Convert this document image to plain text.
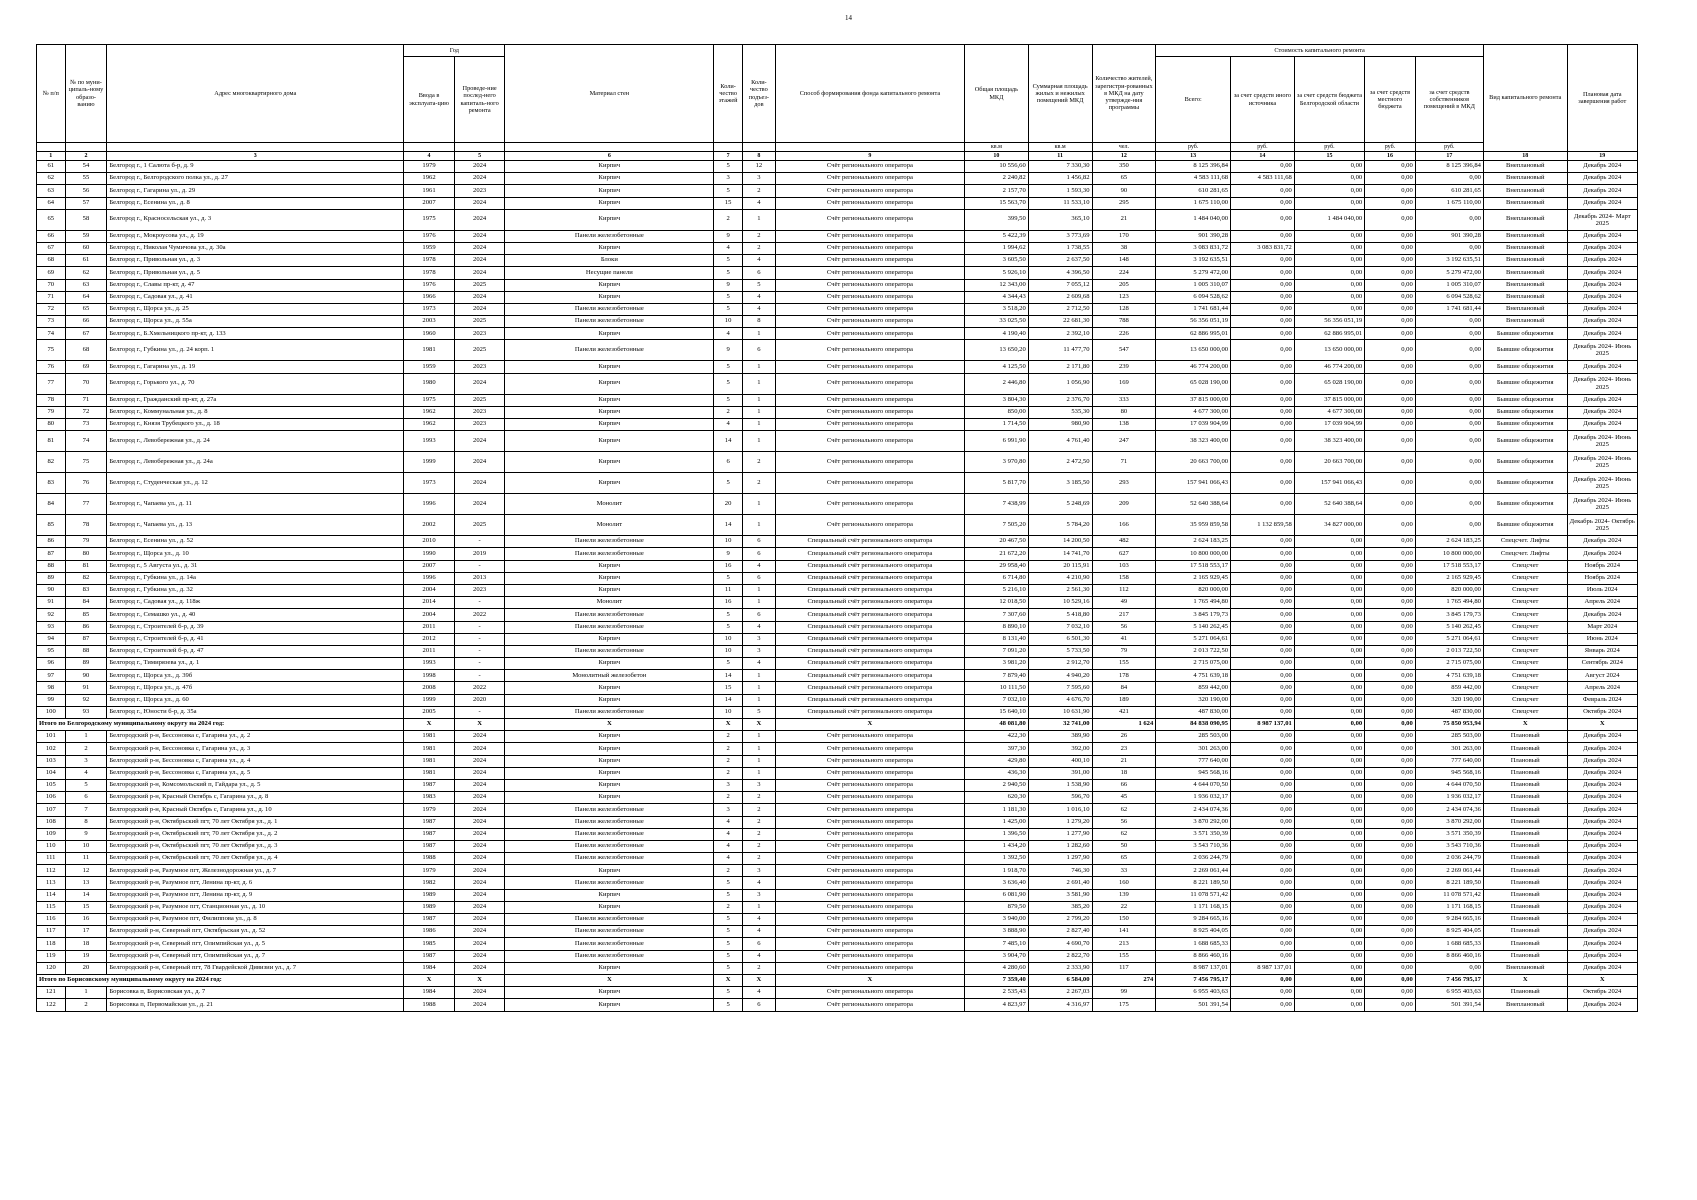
14
№ п/п	№ по муни-ципаль-ному образо-ванию	Адрес многоквартирного дома	Год		Материал стен	Коли-чество этажей	Коли-чество подъез-дов	Способ формирования фонда капитального ремонта	Общая площадь МКД	Суммарная площадь жилых и нежилых помещений МКД	Количество жителей, зарегистри-рованных в МКД на дату утвержде-ния программы	Стоимость капитального ремонта					Вид капитального ремонта	Плановая дата завершения работ
			Ввода в эксплуата-цию	Проведе-ние послед-него капиталь-ного ремонта								Всего:	за счет средств иного источника	за счет средств бюджета Белгородской области	за счет средств местного бюджета	за счет средств собственников помещений в МКД		
									кв.м	кв.м	чел.	руб.	руб.	руб.	руб.	руб.		
1	2	3	4	5	6	7	8	9	10	11	12	13	14	15	16	17	18	19
61	54	Белгород г., 1 Салюта б-р, д. 9	1979	2024	Кирпич	5	12	Счёт регионального оператора	10 556,60	7 330,30	350	8 125 396,84	0,00	0,00	0,00	8 125 396,84	Внеплановый	Декабрь 2024
62	55	Белгород г., Белгородского полка ул., д. 27	1962	2024	Кирпич	3	3	Счёт регионального оператора	2 240,82	1 456,82	65	4 583 111,68	4 583 111,68	0,00	0,00	0,00	Внеплановый	Декабрь 2024
63	56	Белгород г., Гагарина ул., д. 29	1961	2023	Кирпич	5	2	Счёт регионального оператора	2 157,70	1 593,30	90	610 281,65	0,00	0,00	0,00	610 281,65	Внеплановый	Декабрь 2024
64	57	Белгород г., Есенина ул., д. 8	2007	2024	Кирпич	15	4	Счёт регионального оператора	15 563,70	11 533,10	295	1 675 110,00	0,00	0,00	0,00	1 675 110,00	Внеплановый	Декабрь 2024
65	58	Белгород г., Красносельская ул., д. 3	1975	2024	Кирпич	2	1	Счёт регионального оператора	399,50	365,10	21	1 484 040,00	0,00	1 484 040,00	0,00	0,00	Внеплановый	Декабрь 2024- Март 2025
66	59	Белгород г., Мокроусова ул., д. 19	1976	2024	Панели железобетонные	9	2	Счёт регионального оператора	5 422,39	3 773,69	170	901 390,28	0,00	0,00	0,00	901 390,28	Внеплановый	Декабрь 2024
67	60	Белгород г., Николая Чумичова ул., д. 30а	1959	2024	Кирпич	4	2	Счёт регионального оператора	1 994,62	1 738,55	38	3 083 831,72	3 083 831,72	0,00	0,00	0,00	Внеплановый	Декабрь 2024
68	61	Белгород г., Привольная ул., д. 3	1978	2024	Блоки	5	4	Счёт регионального оператора	3 605,50	2 637,50	148	3 192 635,51	0,00	0,00	0,00	3 192 635,51	Внеплановый	Декабрь 2024
69	62	Белгород г., Привольная ул., д. 5	1978	2024	Несущие панели	5	6	Счёт регионального оператора	5 926,10	4 396,50	224	5 279 472,00	0,00	0,00	0,00	5 279 472,00	Внеплановый	Декабрь 2024
70	63	Белгород г., Славы пр-кт, д. 47	1976	2025	Кирпич	9	5	Счёт регионального оператора	12 343,00	7 055,12	205	1 005 310,07	0,00	0,00	0,00	1 005 310,07	Внеплановый	Декабрь 2024
71	64	Белгород г., Садовая ул., д. 41	1966	2024	Кирпич	5	4	Счёт регионального оператора	4 344,43	2 609,68	123	6 094 528,62	0,00	0,00	0,00	6 094 528,62	Внеплановый	Декабрь 2024
72	65	Белгород г., Щорса ул., д. 25	1973	2024	Панели железобетонные	5	4	Счёт регионального оператора	3 518,20	2 712,50	128	1 741 681,44	0,00	0,00	0,00	1 741 681,44	Внеплановый	Декабрь 2024
73	66	Белгород г., Щорса ул., д. 55а	2003	2025	Панели железобетонные	10	8	Счёт регионального оператора	33 025,50	22 681,30	788	56 356 051,19	0,00	56 356 051,19	0,00	0,00	Внеплановый	Декабрь 2024
74	67	Белгород г., Б.Хмельницкого пр-кт, д. 133	1960	2023	Кирпич	4	1	Счёт регионального оператора	4 190,40	2 392,10	226	62 886 995,01	0,00	62 886 995,01	0,00	0,00	Бывшие общежития	Декабрь 2024
75	68	Белгород г., Губкина ул., д. 24 корп. 1	1981	2025	Панели железобетонные	9	6	Счёт регионального оператора	13 650,20	11 477,70	547	13 650 000,00	0,00	13 650 000,00	0,00	0,00	Бывшие общежития	Декабрь 2024- Июнь 2025
76	69	Белгород г., Гагарина ул., д. 19	1959	2023	Кирпич	5	1	Счёт регионального оператора	4 125,50	2 171,80	239	46 774 200,00	0,00	46 774 200,00	0,00	0,00	Бывшие общежития	Декабрь 2024
77	70	Белгород г., Горького ул., д. 70	1980	2024	Кирпич	5	1	Счёт регионального оператора	2 446,80	1 056,90	169	65 028 190,00	0,00	65 028 190,00	0,00	0,00	Бывшие общежития	Декабрь 2024- Июнь 2025
78	71	Белгород г., Гражданский пр-кт, д. 27а	1975	2025	Кирпич	5	1	Счёт регионального оператора	3 804,30	2 376,70	333	37 815 000,00	0,00	37 815 000,00	0,00	0,00	Бывшие общежития	Декабрь 2024
79	72	Белгород г., Коммунальная ул., д. 8	1962	2023	Кирпич	2	1	Счёт регионального оператора	850,00	535,30	80	4 677 300,00	0,00	4 677 300,00	0,00	0,00	Бывшие общежития	Декабрь 2024
80	73	Белгород г., Князя Трубецкого ул., д. 18	1962	2023	Кирпич	4	1	Счёт регионального оператора	1 714,50	980,90	138	17 039 904,99	0,00	17 039 904,99	0,00	0,00	Бывшие общежития	Декабрь 2024
81	74	Белгород г., Левобережная ул., д. 24	1993	2024	Кирпич	14	1	Счёт регионального оператора	6 991,90	4 761,40	247	38 323 400,00	0,00	38 323 400,00	0,00	0,00	Бывшие общежития	Декабрь 2024- Июнь 2025
82	75	Белгород г., Левобережная ул., д. 24а	1999	2024	Кирпич	6	2	Счёт регионального оператора	3 970,80	2 472,50	71	20 663 700,00	0,00	20 663 700,00	0,00	0,00	Бывшие общежития	Декабрь 2024- Июнь 2025
83	76	Белгород г., Студенческая ул., д. 12	1973	2024	Кирпич	5	2	Счёт регионального оператора	5 817,70	3 185,50	293	157 941 066,43	0,00	157 941 066,43	0,00	0,00	Бывшие общежития	Декабрь 2024- Июнь 2025
84	77	Белгород г., Чапаева ул., д. 11	1996	2024	Монолит	20	1	Счёт регионального оператора	7 438,99	5 248,69	209	52 640 388,64	0,00	52 640 388,64	0,00	0,00	Бывшие общежития	Декабрь 2024- Июнь 2025
85	78	Белгород г., Чапаева ул., д. 13	2002	2025	Монолит	14	1	Счёт регионального оператора	7 505,20	5 784,20	166	35 959 859,58	1 132 859,58	34 827 000,00	0,00	0,00	Бывшие общежития	Декабрь 2024- Октябрь 2025
86	79	Белгород г., Есенина ул., д. 52	2010	-	Панели железобетонные	10	6	Специальный счёт регионального оператора	20 467,50	14 200,50	482	2 624 183,25	0,00	0,00	0,00	2 624 183,25	Спецсчет. Лифты	Декабрь 2024
87	80	Белгород г., Щорса ул., д. 10	1990	2019	Панели железобетонные	9	6	Специальный счёт регионального оператора	21 672,20	14 741,70	627	10 800 000,00	0,00	0,00	0,00	10 800 000,00	Спецсчет. Лифты	Декабрь 2024
88	81	Белгород г., 5 Августа ул., д. 31	2007	-	Кирпич	16	4	Специальный счёт регионального оператора	29 958,40	20 115,91	103	17 518 553,17	0,00	0,00	0,00	17 518 553,17	Спецсчет	Ноябрь 2024
89	82	Белгород г., Губкина ул., д. 14а	1996	2013	Кирпич	5	6	Специальный счёт регионального оператора	6 714,80	4 210,90	158	2 165 929,45	0,00	0,00	0,00	2 165 929,45	Спецсчет	Ноябрь 2024
90	83	Белгород г., Губкина ул., д. 32	2004	2023	Кирпич	11	1	Специальный счёт регионального оператора	5 216,10	2 561,30	112	820 000,00	0,00	0,00	0,00	820 000,00	Спецсчет	Июль 2024
91	84	Белгород г., Садовая ул., д. 118ж	2014	-	Монолит	16	1	Специальный счёт регионального оператора	12 018,50	10 529,16	49	1 765 494,80	0,00	0,00	0,00	1 765 494,80	Спецсчет	Апрель 2024
92	85	Белгород г., Семашко ул., д. 40	2004	2022	Панели железобетонные	5	6	Специальный счёт регионального оператора	7 307,60	5 418,80	217	3 845 179,73	0,00	0,00	0,00	3 845 179,73	Спецсчет	Декабрь 2024
93	86	Белгород г., Строителей б-р, д. 39	2011	-	Панели железобетонные	5	4	Специальный счёт регионального оператора	8 890,10	7 032,10	56	5 140 262,45	0,00	0,00	0,00	5 140 262,45	Спецсчет	Март 2024
94	87	Белгород г., Строителей б-р, д. 41	2012	-	Кирпич	10	3	Специальный счёт регионального оператора	8 131,40	6 501,30	41	5 271 064,61	0,00	0,00	0,00	5 271 064,61	Спецсчет	Июнь 2024
95	88	Белгород г., Строителей б-р, д. 47	2011	-	Панели железобетонные	10	3	Специальный счёт регионального оператора	7 091,20	5 733,50	79	2 013 722,50	0,00	0,00	0,00	2 013 722,50	Спецсчет	Январь 2024
96	89	Белгород г., Тимирязева ул., д. 1	1993	-	Кирпич	5	4	Специальный счёт регионального оператора	3 981,20	2 912,70	155	2 715 075,00	0,00	0,00	0,00	2 715 075,00	Спецсчет	Сентябрь 2024
97	90	Белгород г., Щорса ул., д. 39б	1998	-	Монолитный железобетон	14	1	Специальный счёт регионального оператора	7 879,40	4 940,20	178	4 751 639,18	0,00	0,00	0,00	4 751 639,18	Спецсчет	Август 2024
98	91	Белгород г., Щорса ул., д. 47б	2008	2022	Кирпич	15	1	Специальный счёт регионального оператора	10 111,50	7 595,60	84	859 442,00	0,00	0,00	0,00	859 442,00	Спецсчет	Апрель 2024
99	92	Белгород г., Щорса ул., д. 60	1999	2020	Кирпич	14	1	Специальный счёт регионального оператора	7 032,10	4 676,70	189	320 190,00	0,00	0,00	0,00	320 190,00	Спецсчет	Февраль 2024
100	93	Белгород г., Юности б-р, д. 35а	2005	-	Панели железобетонные	10	5	Специальный счёт регионального оператора	15 640,10	10 631,90	421	487 830,00	0,00	0,00	0,00	487 830,00	Спецсчет	Октябрь 2024
Итого по Белгородскому муниципальному округу на 2024 год:			X	X	X	X	X	X	48 081,80	32 741,00	1 624	84 838 090,95	8 987 137,01	0,00	0,00	75 850 953,94	X	X
101	1	Белгородский р-н, Бессоновка с, Гагарина ул., д. 2	1981	2024	Кирпич	2	1	Счёт регионального оператора	422,30	389,90	26	285 503,00	0,00	0,00	0,00	285 503,00	Плановый	Декабрь 2024
102	2	Белгородский р-н, Бессоновка с, Гагарина ул., д. 3	1981	2024	Кирпич	2	1	Счёт регионального оператора	397,30	392,00	23	301 263,00	0,00	0,00	0,00	301 263,00	Плановый	Декабрь 2024
103	3	Белгородский р-н, Бессоновка с, Гагарина ул., д. 4	1981	2024	Кирпич	2	1	Счёт регионального оператора	429,80	400,10	21	777 640,00	0,00	0,00	0,00	777 640,00	Плановый	Декабрь 2024
104	4	Белгородский р-н, Бессоновка с, Гагарина ул., д. 5	1981	2024	Кирпич	2	1	Счёт регионального оператора	436,30	391,00	18	945 568,16	0,00	0,00	0,00	945 568,16	Плановый	Декабрь 2024
105	5	Белгородский р-н, Комсомольский п, Гайдара ул., д. 5	1987	2024	Кирпич	3	3	Счёт регионального оператора	2 940,50	1 538,90	66	4 644 070,50	0,00	0,00	0,00	4 644 070,50	Плановый	Декабрь 2024
106	6	Белгородский р-н, Красный Октябрь с, Гагарина ул., д. 8	1983	2024	Кирпич	2	2	Счёт регионального оператора	620,30	596,70	45	1 936 032,17	0,00	0,00	0,00	1 936 032,17	Плановый	Декабрь 2024
107	7	Белгородский р-н, Красный Октябрь с, Гагарина ул., д. 10	1979	2024	Панели железобетонные	3	2	Счёт регионального оператора	1 181,30	1 016,10	62	2 434 074,36	0,00	0,00	0,00	2 434 074,36	Плановый	Декабрь 2024
108	8	Белгородский р-н, Октябрьский пгт, 70 лет Октября ул., д. 1	1987	2024	Панели железобетонные	4	2	Счёт регионального оператора	1 425,00	1 279,20	56	3 870 292,00	0,00	0,00	0,00	3 870 292,00	Плановый	Декабрь 2024
109	9	Белгородский р-н, Октябрьский пгт, 70 лет Октября ул., д. 2	1987	2024	Панели железобетонные	4	2	Счёт регионального оператора	1 396,50	1 277,90	62	3 571 350,39	0,00	0,00	0,00	3 571 350,39	Плановый	Декабрь 2024
110	10	Белгородский р-н, Октябрьский пгт, 70 лет Октября ул., д. 3	1987	2024	Панели железобетонные	4	2	Счёт регионального оператора	1 434,20	1 282,60	50	3 543 710,36	0,00	0,00	0,00	3 543 710,36	Плановый	Декабрь 2024
111	11	Белгородский р-н, Октябрьский пгт, 70 лет Октября ул., д. 4	1988	2024	Панели железобетонные	4	2	Счёт регионального оператора	1 392,50	1 297,90	65	2 036 244,79	0,00	0,00	0,00	2 036 244,79	Плановый	Декабрь 2024
112	12	Белгородский р-н, Разумное пгт, Железнодорожная ул., д. 7	1979	2024	Кирпич	2	3	Счёт регионального оператора	1 918,70	746,30	33	2 269 061,44	0,00	0,00	0,00	2 269 061,44	Плановый	Декабрь 2024
113	13	Белгородский р-н, Разумное пгт, Ленина пр-кт, д. 6	1982	2024	Панели железобетонные	5	4	Счёт регионального оператора	3 636,40	2 691,40	160	8 221 189,50	0,00	0,00	0,00	8 221 189,50	Плановый	Декабрь 2024
114	14	Белгородский р-н, Разумное пгт, Ленина пр-кт, д. 9	1989	2024	Кирпич	5	3	Счёт регионального оператора	6 081,90	3 581,90	139	11 078 571,42	0,00	0,00	0,00	11 078 571,42	Плановый	Декабрь 2024
115	15	Белгородский р-н, Разумное пгт, Станционная ул., д. 10	1989	2024	Кирпич	2	1	Счёт регионального оператора	879,50	385,20	22	1 171 168,15	0,00	0,00	0,00	1 171 168,15	Плановый	Декабрь 2024
116	16	Белгородский р-н, Разумное пгт, Филиппова ул., д. 8	1987	2024	Панели железобетонные	5	4	Счёт регионального оператора	3 940,00	2 799,20	150	9 284 665,16	0,00	0,00	0,00	9 284 665,16	Плановый	Декабрь 2024
117	17	Белгородский р-н, Северный пгт, Октябрьская ул., д. 52	1986	2024	Панели железобетонные	5	4	Счёт регионального оператора	3 888,90	2 827,40	141	8 925 404,05	0,00	0,00	0,00	8 925 404,05	Плановый	Декабрь 2024
118	18	Белгородский р-н, Северный пгт, Олимпийская ул., д. 5	1985	2024	Панели железобетонные	5	6	Счёт регионального оператора	7 485,10	4 690,70	213	1 688 685,33	0,00	0,00	0,00	1 688 685,33	Плановый	Декабрь 2024
119	19	Белгородский р-н, Северный пгт, Олимпийская ул., д. 7	1987	2024	Панели железобетонные	5	4	Счёт регионального оператора	3 904,70	2 822,70	155	8 866 460,16	0,00	0,00	0,00	8 866 460,16	Плановый	Декабрь 2024
120	20	Белгородский р-н, Северный пгт, 78 Гвардейской Дивизии ул., д. 7	1984	2024	Кирпич	5	2	Счёт регионального оператора	4 280,60	2 333,90	117	8 987 137,01	8 987 137,01	0,00	0,00	0,00	Внеплановый	Декабрь 2024
Итого по Борисовскому муниципальному округу на 2024 год:			X	X	X	X	X	X	7 359,40	6 584,00	274	7 456 795,17	0,00	0,00	0,00	7 456 795,17	X	X
121	1	Борисовка п, Борисовская ул., д. 7	1984	2024	Кирпич	5	4	Счёт регионального оператора	2 535,43	2 267,03	99	6 955 403,63	0,00	0,00	0,00	6 955 403,63	Плановый	Октябрь 2024
122	2	Борисовка п, Первомайская ул., д. 21	1988	2024	Кирпич	5	6	Счёт регионального оператора	4 823,97	4 316,97	175	501 391,54	0,00	0,00	0,00	501 391,54	Внеплановый	Декабрь 2024
